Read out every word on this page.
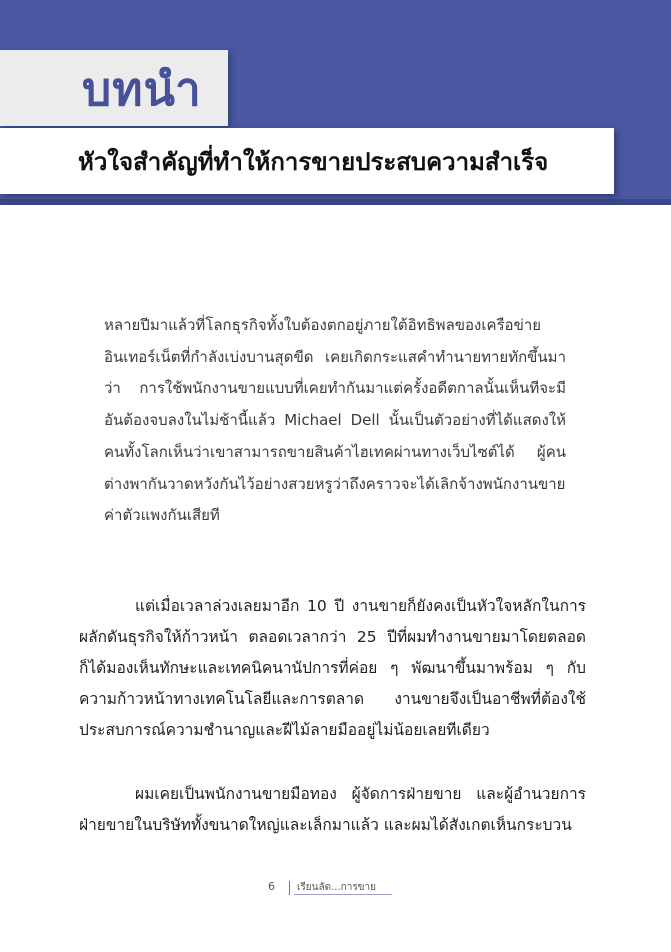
บทนำ
หัวใจสำคัญที่ทำให้การขายประสบความสำเร็จ

หลายปีมาแล้วที่โลกธุรกิจทั้งใบต้องตกอยู่ภายใต้อิทธิพลของเครือข่ายอินเทอร์เน็ตที่กำลังเบ่งบานสุดขีด เคยเกิดกระแสคำทำนายทายทักขึ้นมาว่า การใช้พนักงานขายแบบที่เคยทำกันมาแต่ครั้งอดีตกาลนั้นเห็นทีจะมีอันต้องจบลงในไม่ช้านี้แล้ว Michael Dell นั้นเป็นตัวอย่างที่ได้แสดงให้คนทั้งโลกเห็นว่าเขาสามารถขายสินค้าไฮเทคผ่านทางเว็บไซต์ได้ ผู้คนต่างพากันวาดหวังกันไว้อย่างสวยหรูว่าถึงคราวจะได้เลิกจ้างพนักงานขายค่าตัวแพงกันเสียที

แต่เมื่อเวลาล่วงเลยมาอีก 10 ปี งานขายก็ยังคงเป็นหัวใจหลักในการผลักดันธุรกิจให้ก้าวหน้า ตลอดเวลากว่า 25 ปีที่ผมทำงานขายมาโดยตลอดก็ได้มองเห็นทักษะและเทคนิคนานัปการที่ค่อย ๆ พัฒนาขึ้นมาพร้อม ๆ กับความก้าวหน้าทางเทคโนโลยีและการตลาด งานขายจึงเป็นอาชีพที่ต้องใช้ประสบการณ์ความชำนาญและฝีไม้ลายมืออยู่ไม่น้อยเลยทีเดียว

ผมเคยเป็นพนักงานขายมือทอง ผู้จัดการฝ่ายขาย และผู้อำนวยการฝ่ายขายในบริษัททั้งขนาดใหญ่และเล็กมาแล้ว และผมได้สังเกตเห็นกระบวน

6 เรียนลัด...การขาย
